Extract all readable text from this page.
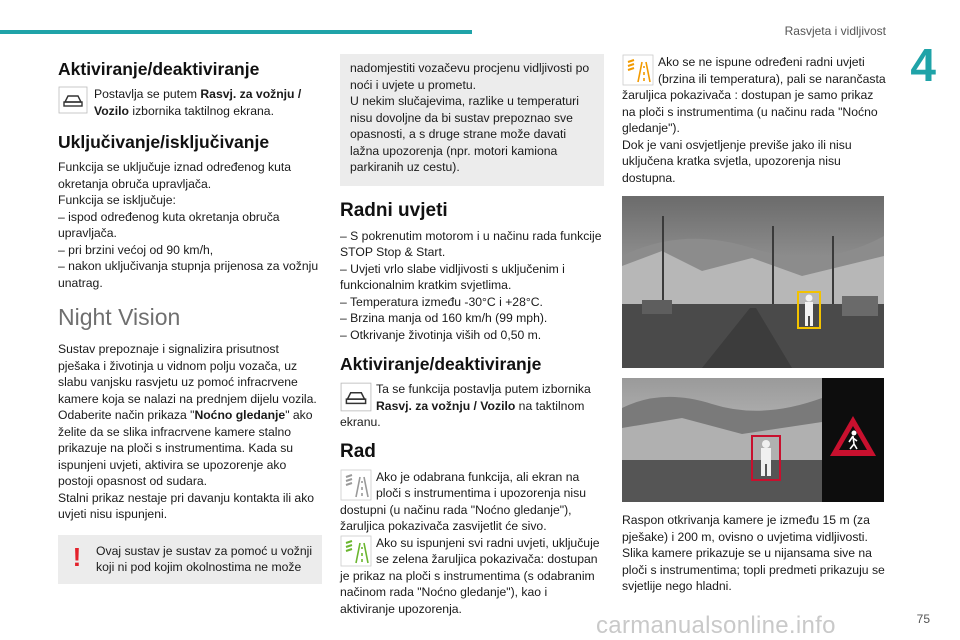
Rasvjeta i vidljivost
4
Aktiviranje/deaktiviranje

Postavlja se putem Rasvj. za vožnju / Vozilo izbornika taktilnog ekrana.

Uključivanje/isključivanje

Funkcija se uključuje iznad određenog kuta okretanja obruča upravljača.

Funkcija se isključuje:

– ispod određenog kuta okretanja obruča upravljača.

– pri brzini većoj od 90 km/h,

– nakon uključivanja stupnja prijenosa za vožnju unatrag.

Night Vision

Sustav prepoznaje i signalizira prisutnost pješaka i životinja u vidnom polju vozača, uz slabu vanjsku rasvjetu uz pomoć infracrvene kamere koja se nalazi na prednjem dijelu vozila. Odaberite način prikaza "Noćno gledanje" ako želite da se slika infracrvene kamere stalno prikazuje na ploči s instrumentima. Kada su ispunjeni uvjeti, aktivira se upozorenje ako postoji opasnost od sudara.

Stalni prikaz nestaje pri davanju kontakta ili ako uvjeti nisu ispunjeni.

!	Ovaj sustav je sustav za pomoć u vožnji koji ni pod kojim okolnostima ne može

nadomjestiti vozačevu procjenu vidljivosti po noći i uvjete u prometu.

U nekim slučajevima, razlike u temperaturi nisu dovoljne da bi sustav prepoznao sve opasnosti, a s druge strane može davati lažna upozorenja (npr. motori kamiona parkiranih uz cestu).

Radni uvjeti

– S pokrenutim motorom i u načinu rada funkcije STOP Stop & Start.

– Uvjeti vrlo slabe vidljivosti s uključenim i funkcionalnim kratkim svjetlima.

– Temperatura između -30°C i +28°C.

– Brzina manja od 160 km/h (99 mph).

– Otkrivanje životinja viših od 0,50 m.

Aktiviranje/deaktiviranje

Ta se funkcija postavlja putem izbornika Rasvj. za vožnju / Vozilo na taktilnom ekranu.

Rad

Ako je odabrana funkcija, ali ekran na ploči s instrumentima i upozorenja nisu dostupni (u načinu rada "Noćno gledanje"), žaruljica pokazivača zasvijetlit će sivo.

Ako su ispunjeni svi radni uvjeti, uključuje se zelena žaruljica pokazivača: dostupan je prikaz na ploči s instrumentima (s odabranim načinom rada "Noćno gledanje"), kao i aktiviranje upozorenja.

Ako se ne ispune određeni radni uvjeti (brzina ili temperatura), pali se narančasta žaruljica pokazivača : dostupan je samo prikaz na ploči s instrumentima (u načinu rada "Noćno gledanje").

Dok je vani osvjetljenje previše jako ili nisu uključena kratka svjetla, upozorenja nisu dostupna.

Raspon otkrivanja kamere je između 15 m (za pješake) i 200 m, ovisno o uvjetima vidljivosti. Slika kamere prikazuje se u nijansama sive na ploči s instrumentima; topli predmeti prikazuju se svjetlije nego hladni.

carmanualsonline.info	75
